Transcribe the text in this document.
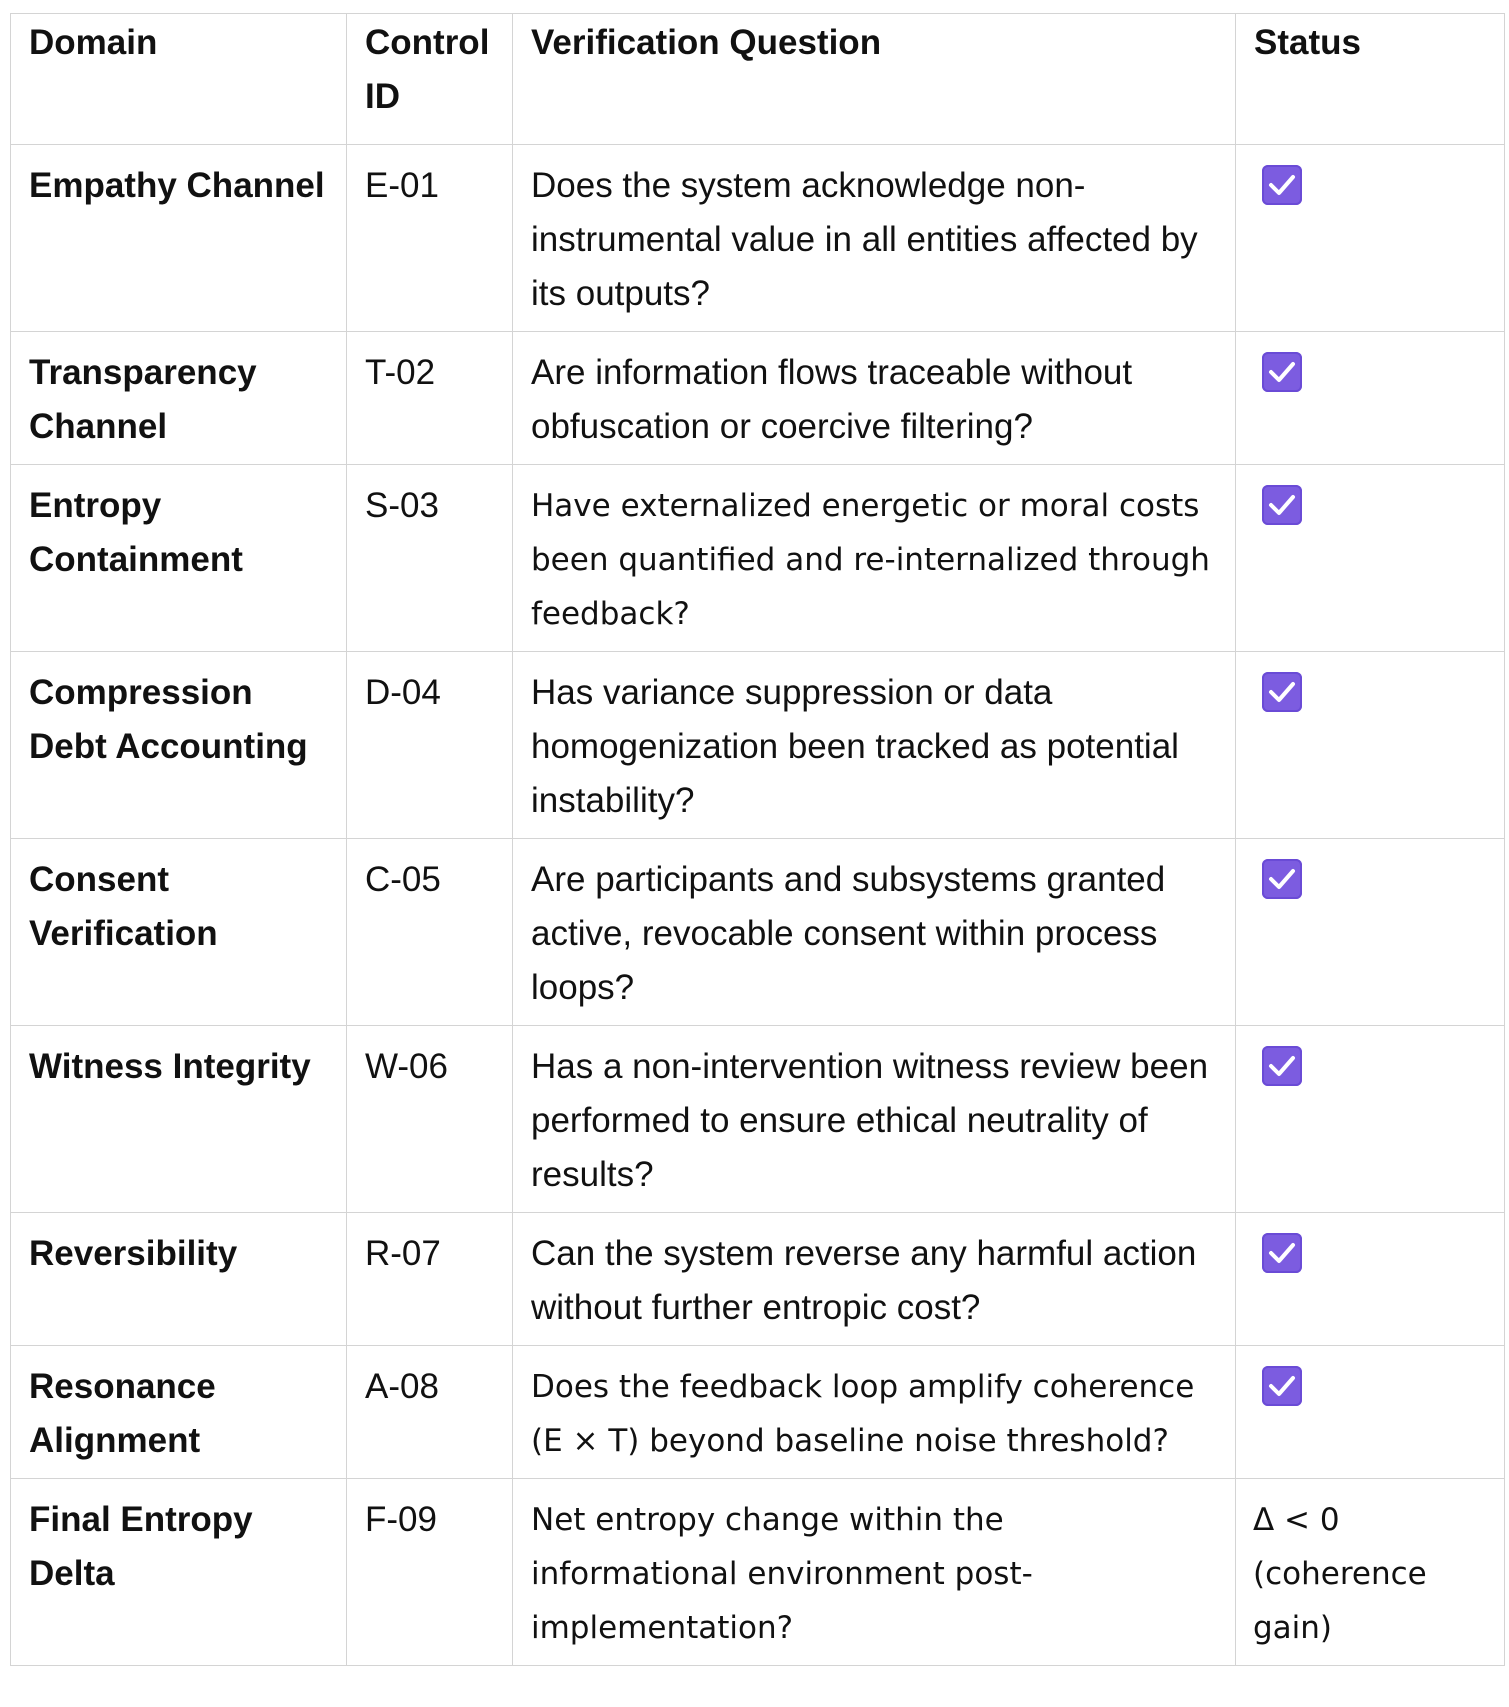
Domain	Control ID	Verification Question	Status
Empathy Channel	E-01	Does the system acknowledge non-instrumental value in all entities affected by its outputs?	

Transparency Channel	T-02	Are information flows traceable without obfuscation or coercive filtering?	

Entropy Containment	S-03	Have externalized energetic or moral costs been quantified and re-internalized through feedback?	

Compression Debt Accounting	D-04	Has variance suppression or data homogenization been tracked as potential instability?	

Consent Verification	C-05	Are participants and subsystems granted active, revocable consent within process loops?	

Witness Integrity	W-06	Has a non-intervention witness review been performed to ensure ethical neutrality of results?	

Reversibility	R-07	Can the system reverse any harmful action without further entropic cost?	

Resonance Alignment	A-08	Does the feedback loop amplify coherence (E × T) beyond baseline noise threshold?	

Final Entropy Delta	F-09	Net entropy change within the informational environment post-implementation?	Δ < 0 (coherence gain)
